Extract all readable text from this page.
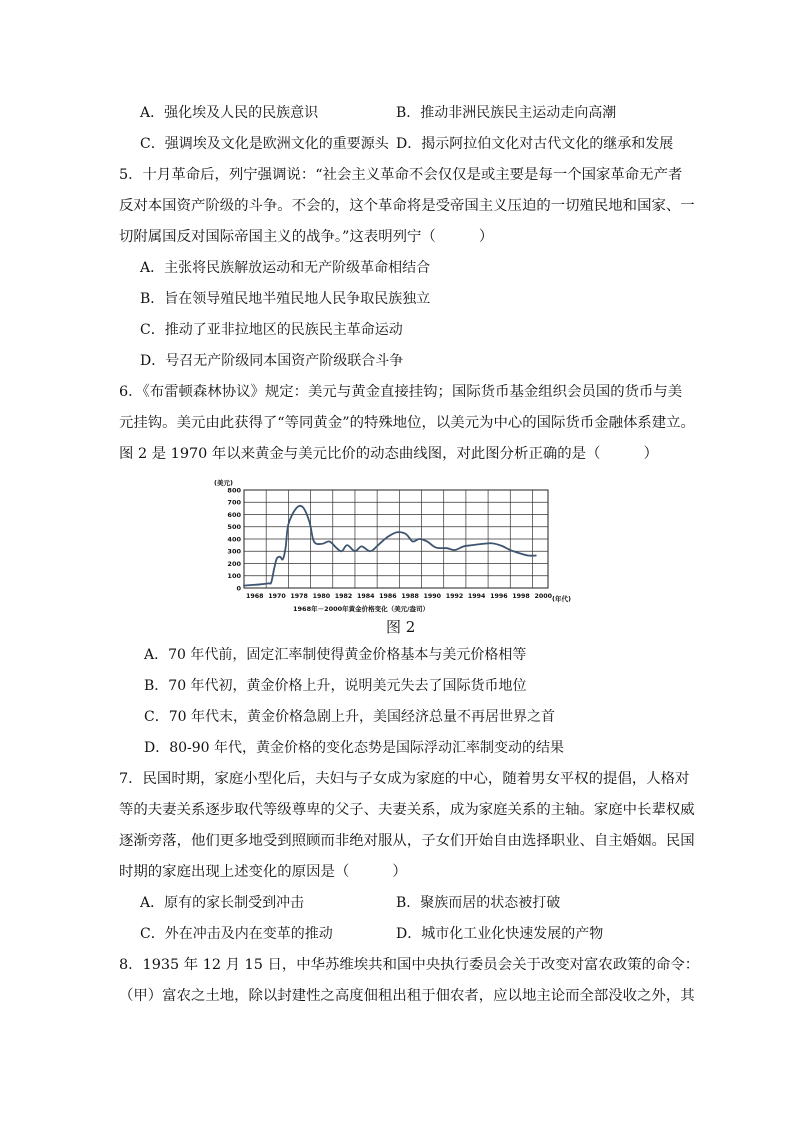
A．强化埃及人民的民族意识	B．推动非洲民族民主运动走向高潮
C．强调埃及文化是欧洲文化的重要源头 D．揭示阿拉伯文化对古代文化的继承和发展
5．十月革命后，列宁强调说：“社会主义革命不会仅仅是或主要是每一个国家革命无产者
反对本国资产阶级的斗争。不会的，这个革命将是受帝国主义压迫的一切殖民地和国家、一
切附属国反对国际帝国主义的战争。”这表明列宁（　　　）
A．主张将民族解放运动和无产阶级革命相结合
B．旨在领导殖民地半殖民地人民争取民族独立
C．推动了亚非拉地区的民族民主革命运动
D．号召无产阶级同本国资产阶级联合斗争
6．《布雷顿森林协议》规定：美元与黄金直接挂钩；国际货币基金组织会员国的货币与美
元挂钩。美元由此获得了“等同黄金”的特殊地位，以美元为中心的国际货币金融体系建立。
图 2 是 1970 年以来黄金与美元比价的动态曲线图，对此图分析正确的是（　　　）
800
700
600
500
400
300
200
100
0
1968 1970 1978 1980 1982 1984 1986 1988 1990 1992 1994 1996 1998 2000
(美元)
(年代)
1968年－2000年黄金价格变化（美元/盎司）
图 2
A．70 年代前，固定汇率制使得黄金价格基本与美元价格相等
B．70 年代初，黄金价格上升，说明美元失去了国际货币地位
C．70 年代末，黄金价格急剧上升，美国经济总量不再居世界之首
D．80-90 年代，黄金价格的变化态势是国际浮动汇率制变动的结果
7．民国时期，家庭小型化后，夫妇与子女成为家庭的中心，随着男女平权的提倡，人格对
等的夫妻关系逐步取代等级尊卑的父子、夫妻关系，成为家庭关系的主轴。家庭中长辈权威
逐渐旁落，他们更多地受到照顾而非绝对服从，子女们开始自由选择职业、自主婚姻。民国
时期的家庭出现上述变化的原因是（　　　）
A．原有的家长制受到冲击	B．聚族而居的状态被打破
C．外在冲击及内在变革的推动	D．城市化工业化快速发展的产物
8．1935 年 12 月 15 日，中华苏维埃共和国中央执行委员会关于改变对富农政策的命令：
（甲）富农之土地，除以封建性之高度佃租出租于佃农者，应以地主论而全部没收之外，其
